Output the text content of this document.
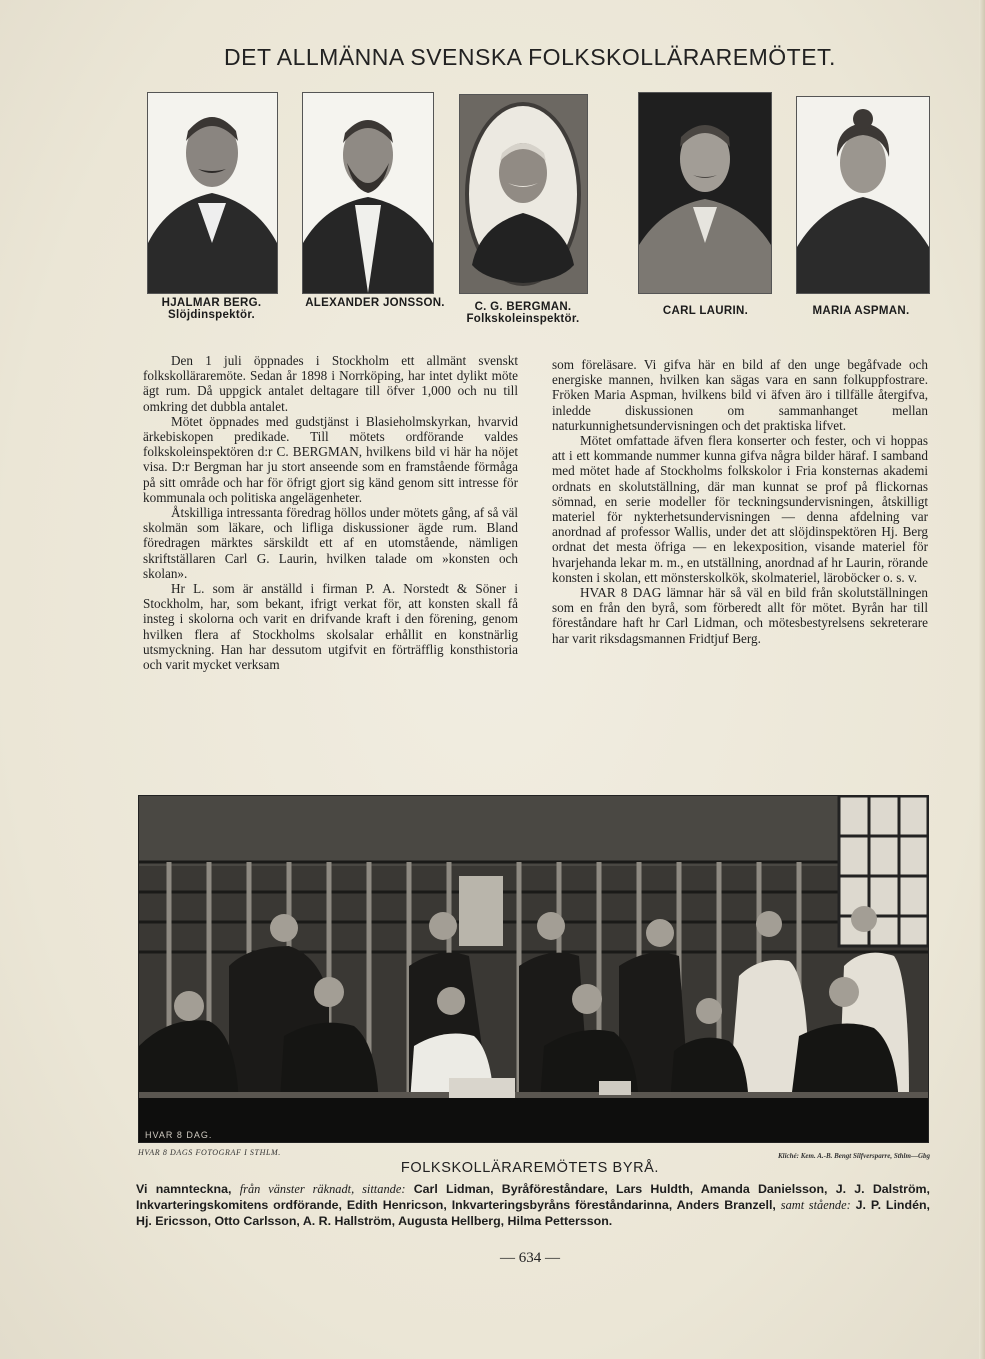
DET ALLMÄNNA SVENSKA FOLKSKOLLÄRAREMÖTET.
HJALMAR BERG.
Slöjdinspektör.
ALEXANDER JONSSON.	C. G. BERGMAN.
Folkskoleinspektör.
CARL LAURIN.	MARIA ASPMAN.

Den 1 juli öppnades i Stockholm ett allmänt svenskt folkskolläraremöte. Sedan år 1898 i Norrköping, har intet dylikt möte ägt rum. Då uppgick antalet deltagare till öfver 1,000 och nu till omkring det dubbla antalet.

Mötet öppnades med gudstjänst i Blasieholmskyrkan, hvarvid ärkebiskopen predikade. Till mötets ordförande valdes folkskoleinspektören d:r C. BERGMAN, hvilkens bild vi här ha nöjet visa. D:r Bergman har ju stort anseende som en framstående förmåga på sitt område och har för öfrigt gjort sig känd genom sitt intresse för kommunala och politiska angelägenheter.

Åtskilliga intressanta föredrag höllos under mötets gång, af så väl skolmän som läkare, och lifliga diskussioner ägde rum. Bland föredragen märktes särskildt ett af en utomstående, nämligen skriftställaren Carl G. Laurin, hvilken talade om »konsten och skolan».

Hr L. som är anställd i firman P. A. Norstedt & Söner i Stockholm, har, som bekant, ifrigt verkat för, att konsten skall få insteg i skolorna och varit en drifvande kraft i den förening, genom hvilken flera af Stockholms skolsalar erhållit en konstnärlig utsmyckning. Han har dessutom utgifvit en förträfflig konsthistoria och varit mycket verksam

som föreläsare. Vi gifva här en bild af den unge begåfvade och energiske mannen, hvilken kan sägas vara en sann folkuppfostrare. Fröken Maria Aspman, hvilkens bild vi äfven äro i tillfälle återgifva, inledde diskussionen om sammanhanget mellan naturkunnighetsundervisningen och det praktiska lifvet.

Mötet omfattade äfven flera konserter och fester, och vi hoppas att i ett kommande nummer kunna gifva några bilder häraf. I samband med mötet hade af Stockholms folkskolor i Fria konsternas akademi ordnats en skolutställning, där man kunnat se prof på flickornas sömnad, en serie modeller för teckningsundervisningen, åtskilligt materiel för nykterhetsundervisningen — denna afdelning var anordnad af professor Wallis, under det att slöjdinspektören Hj. Berg ordnat det mesta öfriga — en lekexposition, visande materiel för hvarjehanda lekar m. m., en utställning, anordnad af hr Laurin, rörande konsten i skolan, ett mönsterskolkök, skolmateriel, läroböcker o. s. v.

HVAR 8 DAG lämnar här så väl en bild från skolutställningen som en från den byrå, som förberedt allt för mötet. Byrån har till föreståndare haft hr Carl Lidman, och mötesbestyrelsens sekreterare har varit riksdagsmannen Fridtjuf Berg.

HVAR 8 DAG.
HVAR 8 DAGS FOTOGRAF I STHLM.	Kliché: Kem. A.-B. Bengt Silfversparre, Sthlm—Gbg
FOLKSKOLLÄRAREMÖTETS BYRÅ.
Vi namnteckna, från vänster räknadt, sittande: Carl Lidman, Byråföreståndare, Lars Huldth, Amanda Danielsson, J. J. Dalström, Inkvarteringskomitens ordförande, Edith Henricson, Inkvarteringsbyråns föreståndarinna, Anders Branzell, samt stående: J. P. Lindén, Hj. Ericsson, Otto Carlsson, A. R. Hallström, Augusta Hellberg, Hilma Pettersson.
— 634 —
